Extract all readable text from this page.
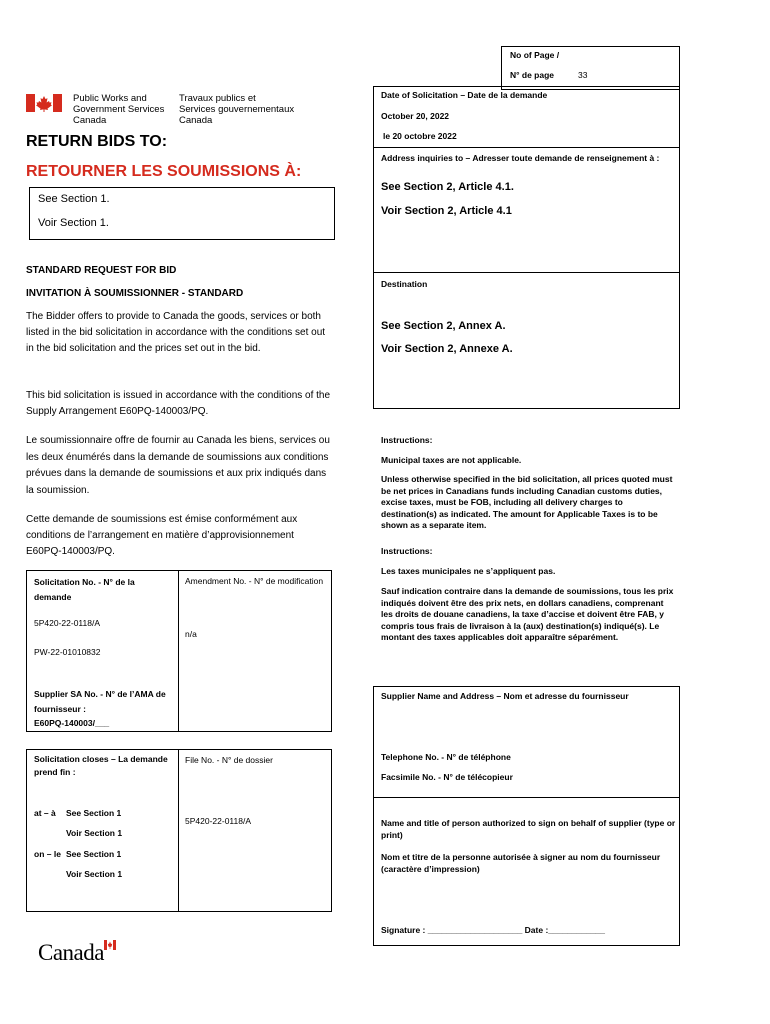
No of Page /
N° de page	33
Public Works and
Government Services
Canada
Travaux publics et
Services gouvernementaux
Canada
RETURN BIDS TO:
RETOURNER LES SOUMISSIONS À:
See Section 1.
Voir Section 1.
Date of Solicitation – Date de la demande
October 20, 2022
le 20 octobre 2022
Address inquiries to – Adresser toute demande de renseignement à :
See Section 2, Article 4.1.
Voir Section 2, Article 4.1
Destination
See Section 2, Annex A.
Voir Section 2, Annexe A.
Instructions:
Municipal taxes are not applicable.
Unless otherwise specified in the bid solicitation, all prices quoted must be net prices in Canadians funds including Canadian customs duties, excise taxes, must be FOB, including all delivery charges to destination(s) as indicated. The amount for Applicable Taxes is to be shown as a separate item.
Instructions:
Les taxes municipales ne s’appliquent pas.
Sauf indication contraire dans la demande de soumissions, tous les prix indiqués doivent être des prix nets, en dollars canadiens, comprenant les droits de douane canadiens, la taxe d’accise et doivent être FAB, y compris tous frais de livraison à la (aux) destination(s) indiqué(s). Le montant des taxes applicables doit apparaître séparément.
Supplier Name and Address – Nom et adresse du fournisseur
Telephone No. - N° de téléphone
Facsimile No. - N° de télécopieur
Name and title of person authorized to sign on behalf of supplier (type or print)
Nom et titre de la personne autorisée à signer au nom du fournisseur (caractère d’impression)
Signature : ____________________ Date :____________
STANDARD REQUEST FOR BID
INVITATION À SOUMISSIONNER - STANDARD
The Bidder offers to provide to Canada the goods, services or both listed in the bid solicitation in accordance with the conditions set out in the bid solicitation and the prices set out in the bid.
This bid solicitation is issued in accordance with the conditions of the Supply Arrangement E60PQ-140003/PQ.
Le soumissionnaire offre de fournir au Canada les biens, services ou les deux énumérés dans la demande de soumissions aux conditions prévues dans la demande de soumissions et aux prix indiqués dans la soumission.
Cette demande de soumissions est émise conformément aux conditions de l’arrangement en matière d’approvisionnement E60PQ-140003/PQ.
Solicitation No. - N° de la demande
5P420-22-0118/A
PW-22-01010832
Amendment No. - N° de modification
n/a
Supplier SA No. - N° de l’AMA de fournisseur :
E60PQ-140003/___
Solicitation closes – La demande prend fin :
at – à See Section 1
Voir Section 1
on – le See Section 1
Voir Section 1
File No. - N° de dossier
5P420-22-0118/A
Canada
